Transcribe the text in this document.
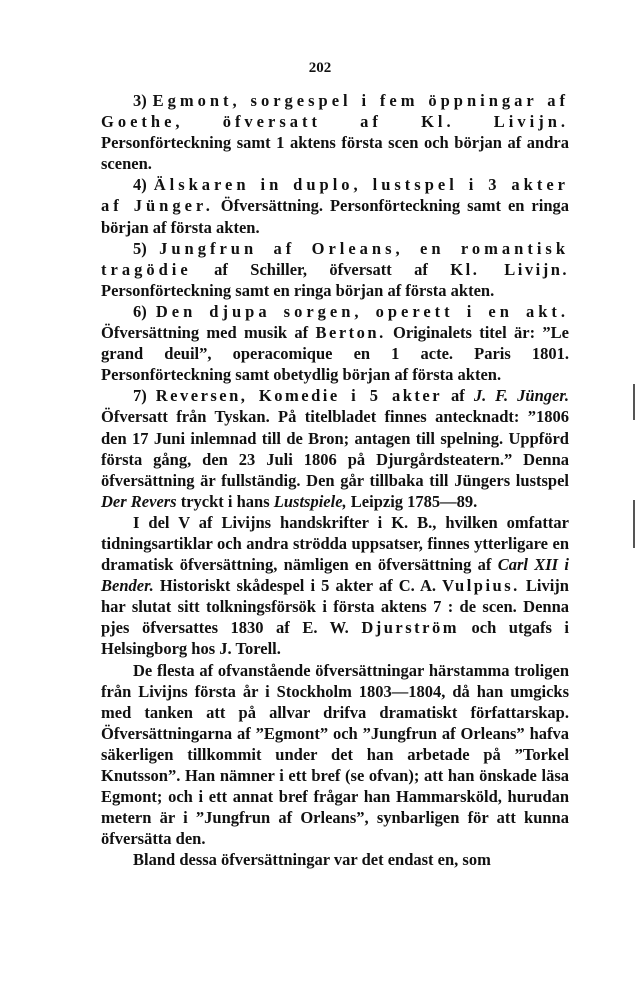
202

3) Egmont, sorgespel i fem öppningar af Goethe, öfversatt af Kl. Livijn. Personförteckning samt 1 aktens första scen och början af andra scenen.

4) Älskaren in duplo, lustspel i 3 akter af Jünger. Öfversättning. Personförteckning samt en ringa början af första akten.

5) Jungfrun af Orleans, en romantisk tragödie af Schiller, öfversatt af Kl. Livijn. Personförteckning samt en ringa början af första akten.

6) Den djupa sorgen, operett i en akt. Öfversättning med musik af Berton. Originalets titel är: ”Le grand deuil”, operacomique en 1 acte. Paris 1801. Personförteckning samt obetydlig början af första akten.

7) Reversen, Komedie i 5 akter af J. F. Jünger. Öfversatt från Tyskan. På titelbladet finnes antecknadt: ”1806 den 17 Juni inlemnad till de Bron; antagen till spelning. Uppförd första gång, den 23 Juli 1806 på Djurgårdsteatern.” Denna öfversättning är fullständig. Den går tillbaka till Jüngers lustspel Der Revers tryckt i hans Lustspiele, Leipzig 1785—89.

I del V af Livijns handskrifter i K. B., hvilken omfattar tidningsartiklar och andra strödda uppsatser, finnes ytterligare en dramatisk öfversättning, nämligen en öfversättning af Carl XII i Bender. Historiskt skådespel i 5 akter af C. A. Vulpius. Livijn har slutat sitt tolkningsförsök i första aktens 7 : de scen. Denna pjes öfversattes 1830 af E. W. Djurström och utgafs i Helsingborg hos J. Torell.

De flesta af ofvanstående öfversättningar härstamma troligen från Livijns första år i Stockholm 1803—1804, då han umgicks med tanken att på allvar drifva dramatiskt författarskap. Öfversättningarna af ”Egmont” och ”Jungfrun af Orleans” hafva säkerligen tillkommit under det han arbetade på ”Torkel Knutsson”. Han nämner i ett bref (se ofvan); att han önskade läsa Egmont; och i ett annat bref frågar han Hammarsköld, hurudan metern är i ”Jungfrun af Orleans”, synbarligen för att kunna öfversätta den.

Bland dessa öfversättningar var det endast en, som
